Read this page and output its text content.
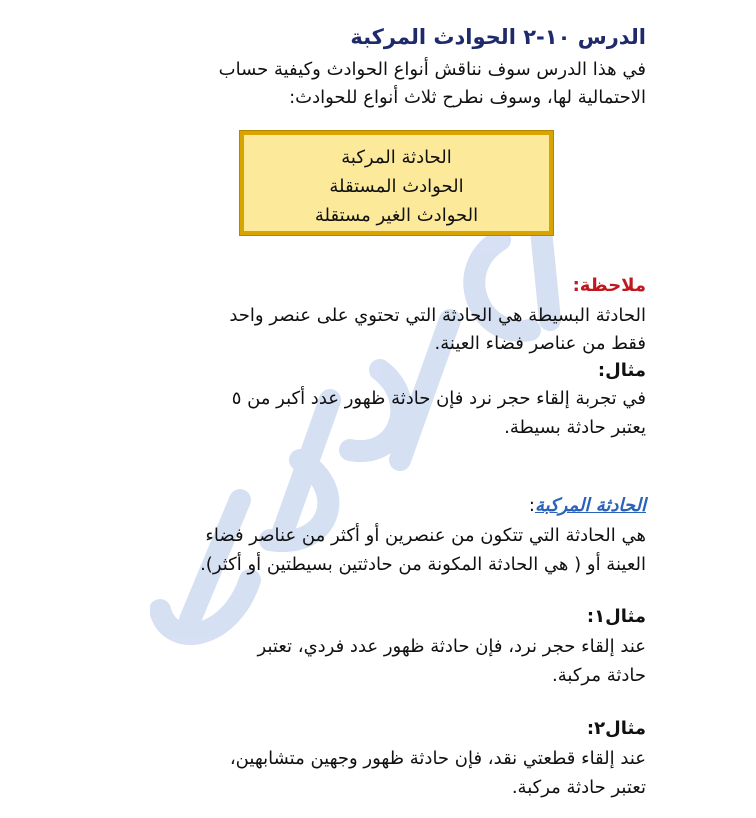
الدرس ١٠-٢ الحوادث المركبة
في هذا الدرس سوف نناقش أنواع الحوادث وكيفية حساب
الاحتمالية لها، وسوف نطرح ثلاث أنواع للحوادث:
الحادثة المركبة
الحوادث المستقلة
الحوادث الغير مستقلة
ملاحظة:
الحادثة البسيطة هي الحادثة التي تحتوي على عنصر واحد
فقط من عناصر فضاء العينة.
مثال:
في تجربة إلقاء حجر نرد فإن حادثة ظهور عدد أكبر من ٥
يعتبر حادثة بسيطة.
الحادثة المركبة:
هي الحادثة التي تتكون من عنصرين أو أكثر من عناصر فضاء
العينة أو ( هي الحادثة المكونة من حادثتين بسيطتين أو أكثر).
مثال١:
عند إلقاء حجر نرد، فإن حادثة ظهور عدد فردي، تعتبر
حادثة مركبة.
مثال٢:
عند إلقاء قطعتي نقد، فإن حادثة ظهور وجهين متشابهين،
تعتبر حادثة مركبة.
